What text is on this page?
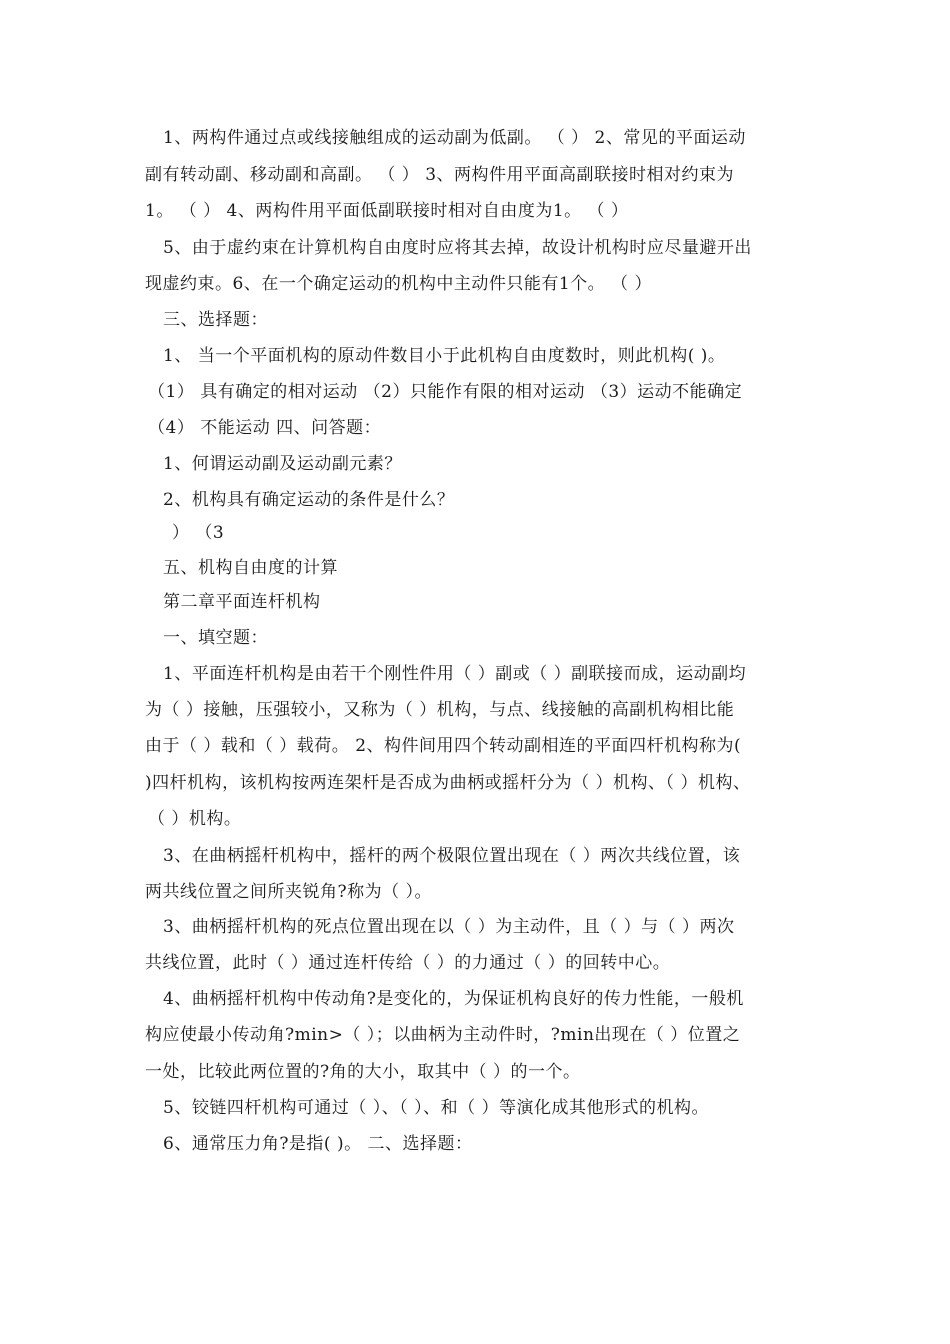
1、两构件通过点或线接触组成的运动副为低副。 （ ） 2、常见的平面运动
副有转动副、移动副和高副。 （ ） 3、两构件用平面高副联接时相对约束为
1。 （ ） 4、两构件用平面低副联接时相对自由度为1。 （ ）
5、由于虚约束在计算机构自由度时应将其去掉，故设计机构时应尽量避开出
现虚约束。6、在一个确定运动的机构中主动件只能有1个。 （ ）
三、选择题：
1、 当一个平面机构的原动件数目小于此机构自由度数时，则此机构( )。
（1） 具有确定的相对运动 （2）只能作有限的相对运动 （3）运动不能确定
（4） 不能运动 四、问答题：
1、何谓运动副及运动副元素？
2、机构具有确定运动的条件是什么？
） （3
五、机构自由度的计算
第二章平面连杆机构
一、填空题：
1、平面连杆机构是由若干个刚性件用（ ）副或（ ）副联接而成，运动副均
为（ ）接触，压强较小，又称为（ ）机构，与点、线接触的高副机构相比能
由于（ ）载和（ ）载荷。 2、构件间用四个转动副相连的平面四杆机构称为(
)四杆机构，该机构按两连架杆是否成为曲柄或摇杆分为（ ）机构、（ ）机构、
（ ）机构。
3、在曲柄摇杆机构中，摇杆的两个极限位置出现在（ ）两次共线位置，该
两共线位置之间所夹锐角?称为（ ）。
3、曲柄摇杆机构的死点位置出现在以（ ）为主动件，且（ ）与（ ）两次
共线位置，此时（ ）通过连杆传给（ ）的力通过（ ）的回转中心。
4、曲柄摇杆机构中传动角?是变化的，为保证机构良好的传力性能，一般机
构应使最小传动角?min>（ ）；以曲柄为主动件时，?min出现在（ ）位置之
一处，比较此两位置的?角的大小，取其中（ ）的一个。
5、铰链四杆机构可通过（ ）、（ ）、和（ ）等演化成其他形式的机构。
6、通常压力角?是指( )。 二、选择题：
